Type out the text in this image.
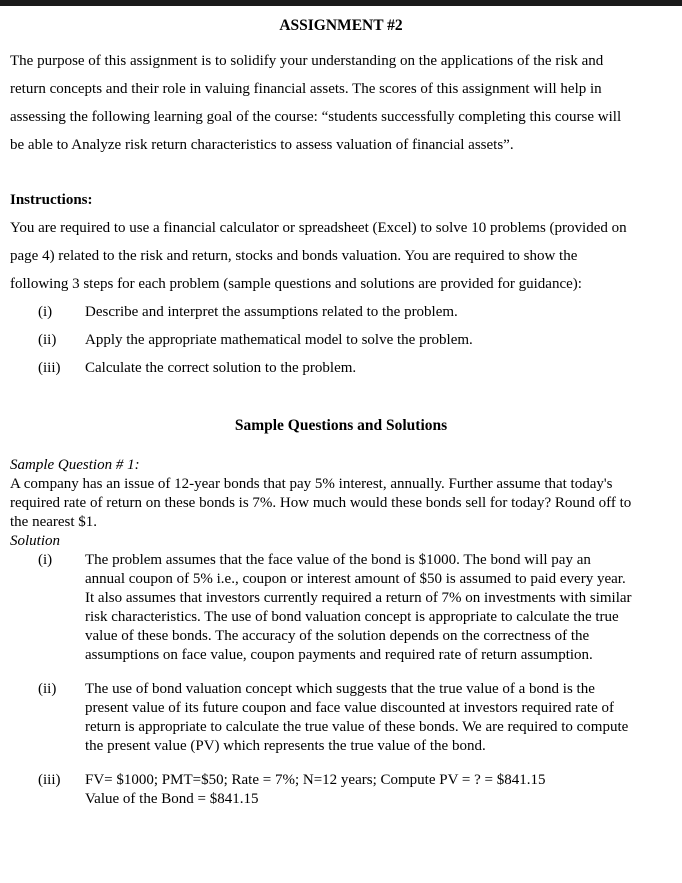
ASSIGNMENT #2

The purpose of this assignment is to solidify your understanding on the applications of the risk and return concepts and their role in valuing financial assets. The scores of this assignment will help in assessing the following learning goal of the course: “students successfully completing this course will be able to Analyze risk return characteristics to assess valuation of financial assets”.

Instructions:

You are required to use a financial calculator or spreadsheet (Excel) to solve 10 problems (provided on page 4) related to the risk and return, stocks and bonds valuation. You are required to show the following 3 steps for each problem (sample questions and solutions are provided for guidance):

(i)	Describe and interpret the assumptions related to the problem.
(ii)	Apply the appropriate mathematical model to solve the problem.
(iii)	Calculate the correct solution to the problem.
Sample Questions and Solutions

Sample Question # 1:

A company has an issue of 12-year bonds that pay 5% interest, annually. Further assume that today's required rate of return on these bonds is 7%. How much would these bonds sell for today? Round off to the nearest $1.

Solution

(i)	The problem assumes that the face value of the bond is $1000. The bond will pay an annual coupon of 5% i.e., coupon or interest amount of $50 is assumed to paid every year. It also assumes that investors currently required a return of 7% on investments with similar risk characteristics. The use of bond valuation concept is appropriate to calculate the true value of these bonds. The accuracy of the solution depends on the correctness of the assumptions on face value, coupon payments and required rate of return assumption.
(ii)	The use of bond valuation concept which suggests that the true value of a bond is the present value of its future coupon and face value discounted at investors required rate of return is appropriate to calculate the true value of these bonds. We are required to compute the present value (PV) which represents the true value of the bond.
(iii)	FV= $1000; PMT=$50; Rate = 7%; N=12 years; Compute PV = ? = $841.15
Value of the Bond = $841.15
